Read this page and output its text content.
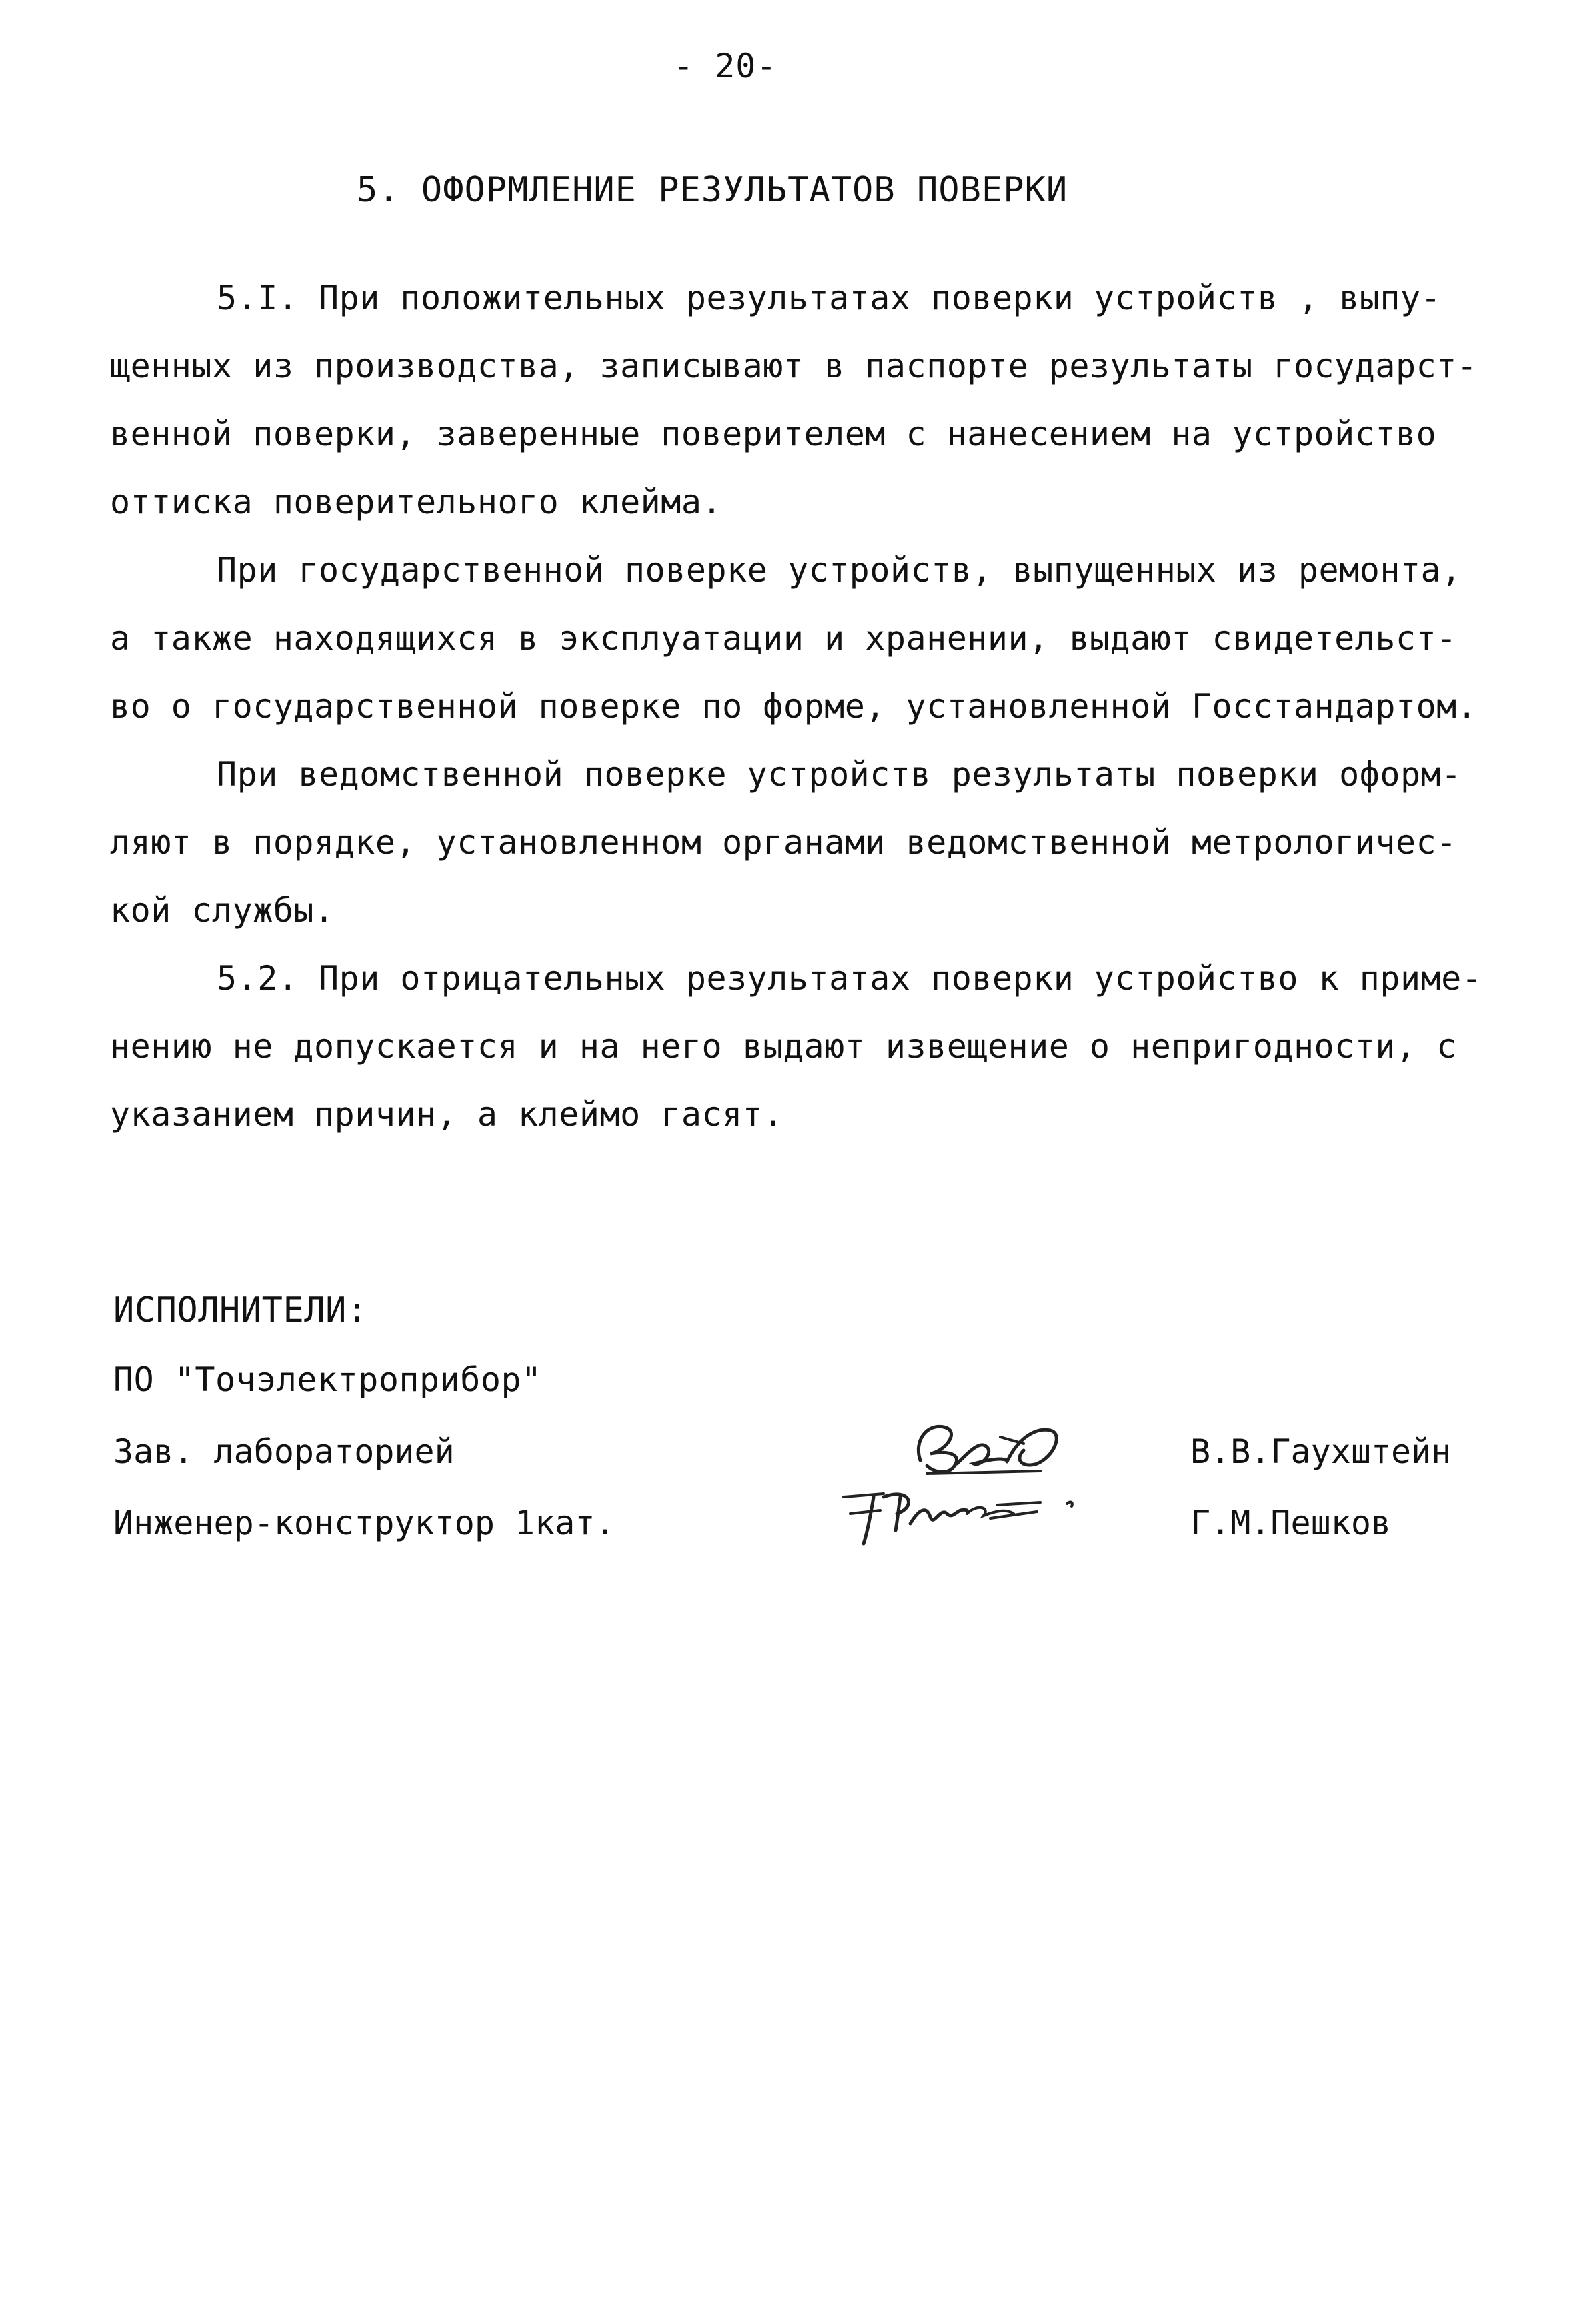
- 20-
5. ОФОРМЛЕНИЕ РЕЗУЛЬТАТОВ ПОВЕРКИ
5.I. При положительных результатах поверки устройств , выпу-
щенных из производства, записывают в паспорте результаты государст-
венной поверки, заверенные поверителем с нанесением на устройство
оттиска поверительного клейма.
При государственной поверке устройств, выпущенных из ремонта,
а также находящихся в эксплуатации и хранении, выдают свидетельст-
во о государственной поверке по форме, установленной Госстандартом.
При ведомственной поверке устройств результаты поверки оформ-
ляют в порядке, установленном органами ведомственной метрологичес-
кой службы.
5.2. При отрицательных результатах поверки устройство к приме-
нению не допускается и на него выдают извещение о непригодности, с
указанием причин, а клеймо гасят.
ИСПОЛНИТЕЛИ:
ПО "Точэлектроприбор"
Зав. лабораторией	В.В.Гаухштейн
Инженер-конструктор 1кат.	Г.М.Пешков
